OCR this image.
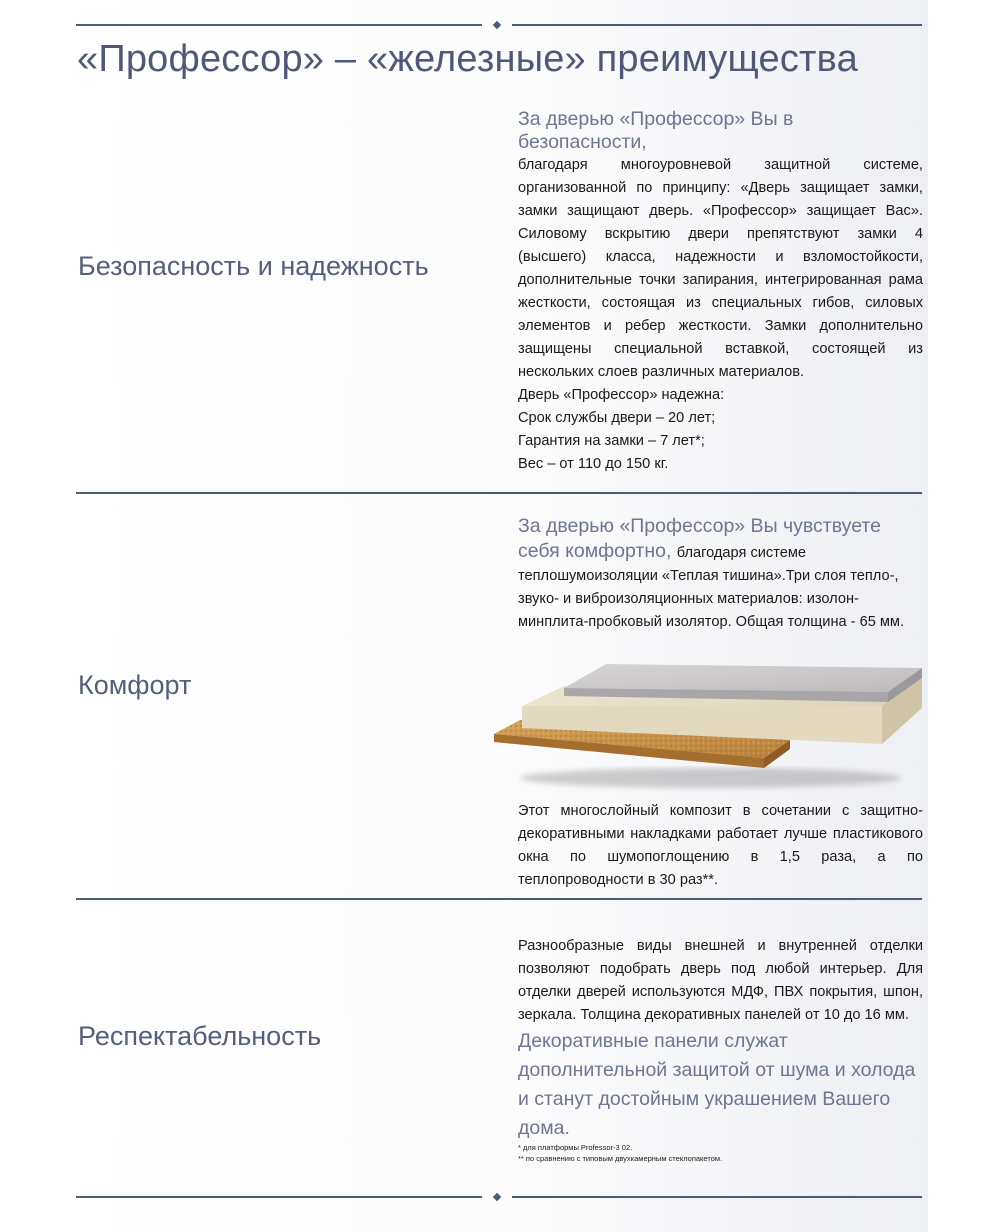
«Профессор» – «железные» преимущества
Безопасность и надежность
За дверью «Профессор» Вы в безопасности,

благодаря многоуровневой защитной системе, организованной по принципу: «Дверь защищает замки, замки защищают дверь. «Профессор» защищает Вас». Силовому вскрытию двери препятствуют замки 4 (высшего) класса, надежности и взломостойкости, дополнительные точки запирания, интегрированная рама жесткости, состоящая из специальных гибов, силовых элементов и ребер жесткости. Замки дополнительно защищены специальной вставкой, состоящей из нескольких слоев различных материалов.

Дверь «Профессор» надежна:
Срок службы двери – 20 лет;
Гарантия на замки – 7 лет*;
Вес – от 110 до 150 кг.
Комфорт

За дверью «Профессор» Вы чувствуете себя комфортно, благодаря системе теплошумоизоляции «Теплая тишина».Три слоя тепло-, звуко- и виброизоляционных материалов: изолон-минплита-пробковый изолятор. Общая толщина - 65 мм.

Этот многослойный композит в сочетании с защитно-декоративными накладками работает лучше пластикового окна по шумопоглощению в 1,5 раза, а по теплопроводности в 30 раз**.

Респектабельность

Разнообразные виды внешней и внутренней отделки позволяют подобрать дверь под любой интерьер. Для отделки дверей используются МДФ, ПВХ покрытия, шпон, зеркала. Толщина декоративных панелей от 10 до 16 мм.

Декоративные панели служат дополнительной защитой от шума и холода и станут достойным украшением Вашего дома.

* для платформы Professor-3 02.
** по сравнению с типовым двухкамерным стеклопакетом.
